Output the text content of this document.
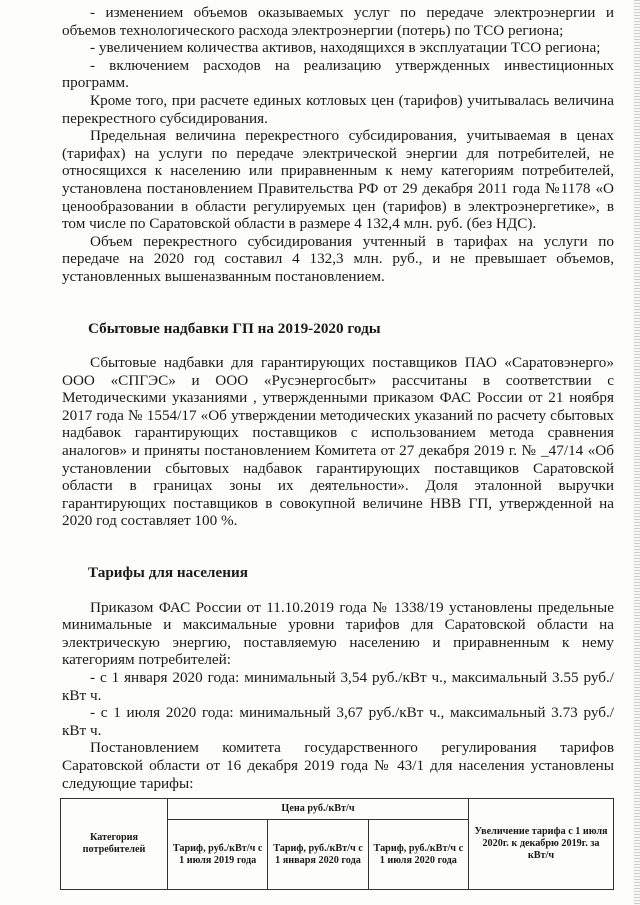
- изменением объемов оказываемых услуг по передаче электроэнергии и объемов технологического расхода электроэнергии (потерь) по ТСО региона;

- увеличением количества активов, находящихся в эксплуатации ТСО региона;

- включением расходов на реализацию утвержденных инвестиционных программ.

Кроме того, при расчете единых котловых цен (тарифов) учитывалась величина перекрестного субсидирования.

Предельная величина перекрестного субсидирования, учитываемая в ценах (тарифах) на услуги по передаче электрической энергии для потребителей, не относящихся к населению или приравненным к нему категориям потребителей, установлена постановлением Правительства РФ от 29 декабря 2011 года №1178 «О ценообразовании в области регулируемых цен (тарифов) в электроэнергетике», в том числе по Саратовской области в размере 4 132,4 млн. руб. (без НДС).

Объем перекрестного субсидирования учтенный в тарифах на услуги по передаче на 2020 год составил 4 132,3 млн. руб., и не превышает объемов, установленных вышеназванным постановлением.

Сбытовые надбавки ГП на 2019-2020 годы

Сбытовые надбавки для гарантирующих поставщиков ПАО «Саратовэнерго» ООО «СПГЭС» и ООО «Русэнергосбыт» рассчитаны в соответствии с Методическими указаниями , утвержденными приказом ФАС России от 21 ноября 2017 года № 1554/17 «Об утверждении методических указаний по расчету сбытовых надбавок гарантирующих поставщиков с использованием метода сравнения аналогов» и приняты постановлением Комитета от 27 декабря 2019 г. № _47/14 «Об установлении сбытовых надбавок гарантирующих поставщиков Саратовской области в границах зоны их деятельности». Доля эталонной выручки гарантирующих поставщиков в совокупной величине НВВ ГП, утвержденной на 2020 год составляет 100 %.

Тарифы для населения

Приказом ФАС России от 11.10.2019 года № 1338/19 установлены предельные минимальные и максимальные уровни тарифов для Саратовской области на электрическую энергию, поставляемую населению и приравненным к нему категориям потребителей:

- с 1 января 2020 года: минимальный 3,54 руб./кВт ч., максимальный 3.55 руб./кВт ч.

- с 1 июля 2020 года: минимальный 3,67 руб./кВт ч., максимальный 3.73 руб./кВт ч.

Постановлением комитета государственного регулирования тарифов Саратовской области от 16 декабря 2019 года № 43/1 для населения установлены следующие тарифы:

Категория потребителей	Цена руб./кВт/ч			Увеличение тарифа с 1 июля 2020г. к декабрю 2019г. за кВт/ч
	Тариф, руб./кВт/ч с 1 июля 2019 года	Тариф, руб./кВт/ч с 1 января 2020 года	Тариф, руб./кВт/ч с 1 июля 2020 года	
